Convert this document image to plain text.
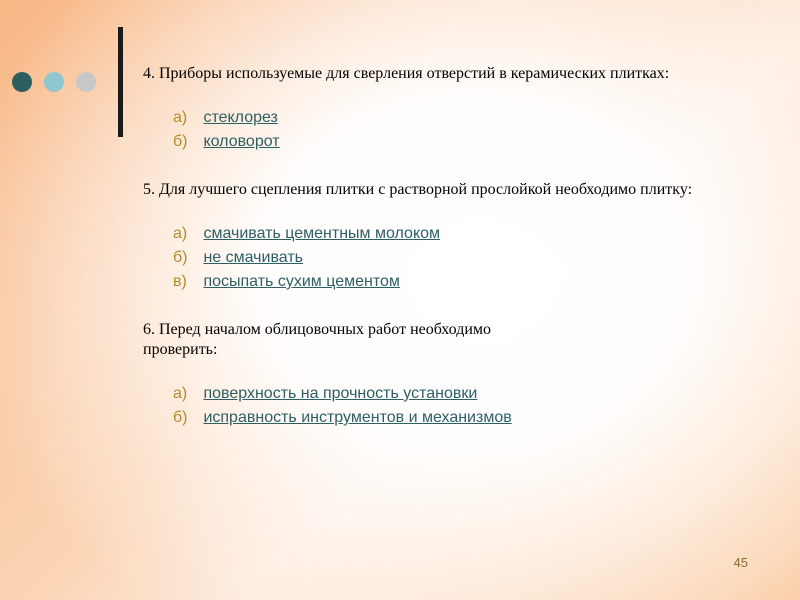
4. Приборы используемые для сверления отверстий в керамических плитках:

а) стеклорез
б) коловорот

5. Для лучшего сцепления плитки с растворной прослойкой необходимо плитку:

а) смачивать цементным молоком
б) не смачивать
в) посыпать сухим цементом

6. Перед началом облицовочных работ необходимо
проверить:

а) поверхность на прочность установки
б) исправность инструментов и механизмов
45
